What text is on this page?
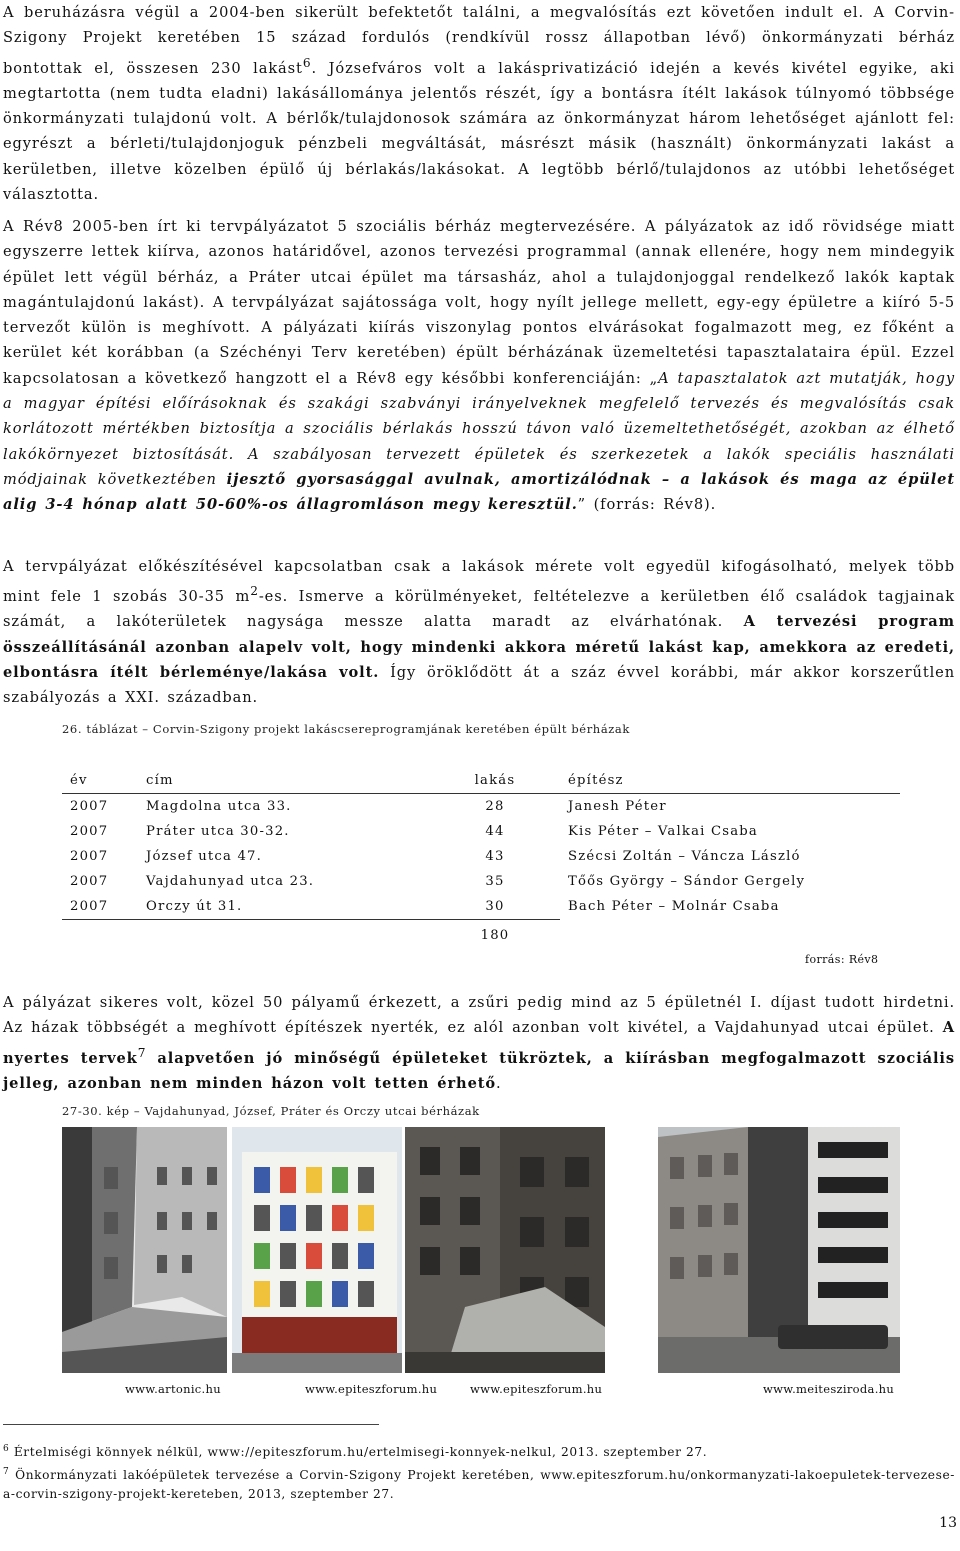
A beruházásra végül a 2004-ben sikerült befektetőt találni, a megvalósítás ezt követően indult el. A Corvin-Szigony Projekt keretében 15 század fordulós (rendkívül rossz állapotban lévő) önkormányzati bérház bontottak el, összesen 230 lakást$^6$. Józsefváros volt a lakásprivatizáció idején a kevés kivétel egyike, aki megtartotta (nem tudta eladni) lakásállománya jelentős részét, így a bontásra ítélt lakások túlnyomó többsége önkormányzati tulajdonú volt. A bérlők/tulajdonosok számára az önkormányzat három lehetőséget ajánlott fel: egyrészt a bérleti/tulajdonjoguk pénzbeli megváltását, másrészt másik (használt) önkormányzati lakást a kerületben, illetve közelben épülő új bérlakás/lakásokat. A legtöbb bérlő/tulajdonos az utóbbi lehetőséget választotta.

A Rév8 2005-ben írt ki tervpályázatot 5 szociális bérház megtervezésére. A pályázatok az idő rövidsége miatt egyszerre lettek kiírva, azonos határidővel, azonos tervezési programmal (annak ellenére, hogy nem mindegyik épület lett végül bérház, a Práter utcai épület ma társasház, ahol a tulajdonjoggal rendelkező lakók kaptak magántulajdonú lakást). A tervpályázat sajátossága volt, hogy nyílt jellege mellett, egy-egy épületre a kiíró 5-5 tervezőt külön is meghívott. A pályázati kiírás viszonylag pontos elvárásokat fogalmazott meg, ez főként a kerület két korábban (a Széchényi Terv keretében) épült bérházának üzemeltetési tapasztalataira épül. Ezzel kapcsolatosan a következő hangzott el a Rév8 egy későbbi konferenciáján: „A tapasztalatok azt mutatják, hogy a magyar építési előírásoknak és szakági szabványi irányelveknek megfelelő tervezés és megvalósítás csak korlátozott mértékben biztosítja a szociális bérlakás hosszú távon való üzemeltethetőségét, azokban az élhető lakókörnyezet biztosítását. A szabályosan tervezett épületek és szerkezetek a lakók speciális használati módjainak következtében ijesztő gyorsasággal avulnak, amortizálódnak – a lakások és maga az épület alig 3-4 hónap alatt 50-60%-os állagromláson megy keresztül.” (forrás: Rév8).

A tervpályázat előkészítésével kapcsolatban csak a lakások mérete volt egyedül kifogásolható, melyek több mint fele 1 szobás 30-35 $m^2-es$. Ismerve a körülményeket, feltételezve a kerületben élő családok tagjainak számát, a lakóterületek nagysága messze alatta maradt az elvárhatónak. A tervezési program összeállításánál azonban alapelv volt, hogy mindenki akkora méretű lakást kap, amekkora az eredeti, elbontásra ítélt bérleménye/lakása volt. Így öröklődött át a száz évvel korábbi, már akkor korszerűtlen szabályozás a XXI. században.

26. táblázat – Corvin-Szigony projekt lakáscsereprogramjának keretében épült bérházak

év	cím	lakás	építész
2007	Magdolna utca 33.	28	Janesh Péter
2007	Práter utca 30-32.	44	Kis Péter – Valkai Csaba
2007	József utca 47.	43	Szécsi Zoltán – Váncza László
2007	Vajdahunyad utca 23.	35	Tőős György – Sándor Gergely
2007	Orczy út 31.	30	Bach Péter – Molnár Csaba
		180	
forrás: Rév8

A pályázat sikeres volt, közel 50 pályamű érkezett, a zsűri pedig mind az 5 épületnél I. díjast tudott hirdetni. Az házak többségét a meghívott építészek nyerték, ez alól azonban volt kivétel, a Vajdahunyad utcai épület. A nyertes tervek$^7$ alapvetően jó minőségű épületeket tükröztek, a kiírásban megfogalmazott szociális jelleg, azonban nem minden házon volt tetten érhető.

27-30. kép – Vajdahunyad, József, Práter és Orczy utcai bérházak

www.artonic.hu	www.epiteszforum.hu	www.epiteszforum.hu	www.meiteszirodа.hu

$^6$ Értelmiségi könnyek nélkül, www://epiteszforum.hu/ertelmisegi-konnyek-nelkul, 2013. szeptember 27.

$^7$ Önkormányzati lakóépületek tervezése a Corvin-Szigony Projekt keretében, www.epiteszforum.hu/onkormanyzati-lakoepuletek-tervezese-a-corvin-szigony-projekt-kereteben, 2013, szeptember 27.

13
